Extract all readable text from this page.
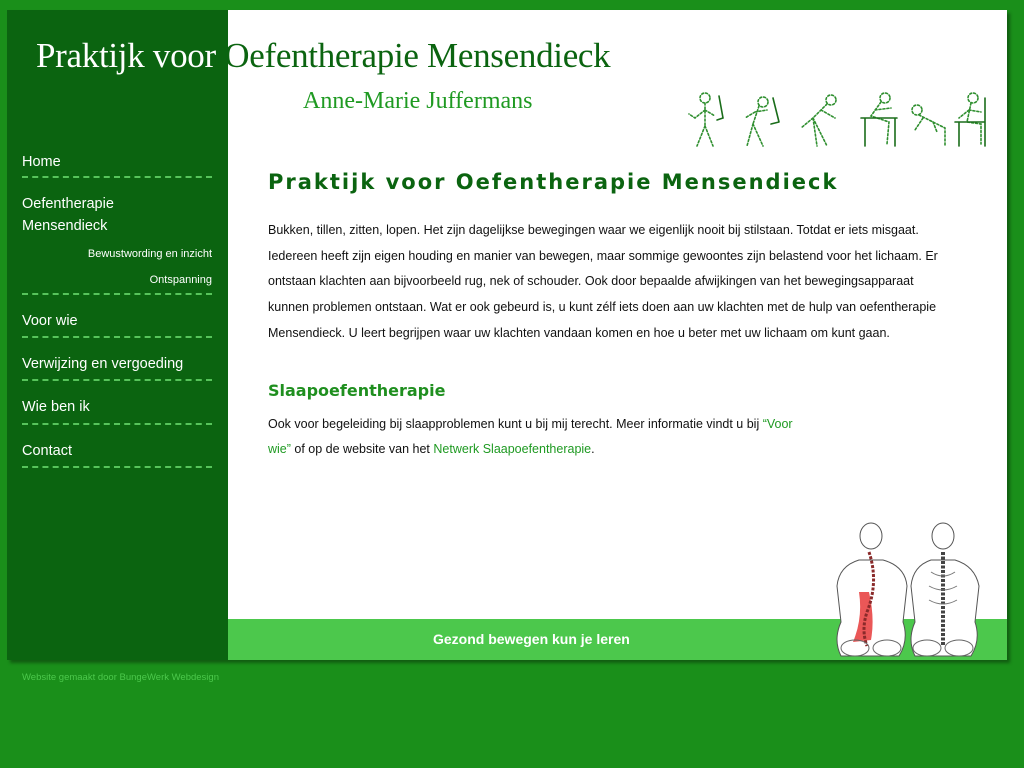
Home
Oefentherapie
Mensendieck
Bewustwording en inzicht
Ontspanning
Voor wie
Verwijzing en vergoeding
Wie ben ik
Contact
Praktijk voor Oefentherapie Mensendieck
Anne-Marie Juffermans
Praktijk voor Oefentherapie Mensendieck

Bukken, tillen, zitten, lopen. Het zijn dagelijkse bewegingen waar we eigenlijk nooit bij stilstaan. Totdat er iets misgaat. Iedereen heeft zijn eigen houding en manier van bewegen, maar sommige gewoontes zijn belastend voor het lichaam. Er ontstaan klachten aan bijvoorbeeld rug, nek of schouder. Ook door bepaalde afwijkingen van het bewegingsapparaat kunnen problemen ontstaan. Wat er ook gebeurd is, u kunt zélf iets doen aan uw klachten met de hulp van oefentherapie Mensendieck. U leert begrijpen waar uw klachten vandaan komen en hoe u beter met uw lichaam om kunt gaan.

Slaapoefentherapie

Ook voor begeleiding bij slaapproblemen kunt u bij mij terecht. Meer informatie vindt u bij “Voor wie” of op de website van het Netwerk Slaapoefentherapie.

Gezond bewegen kun je leren
Website gemaakt door BungeWerk Webdesign
